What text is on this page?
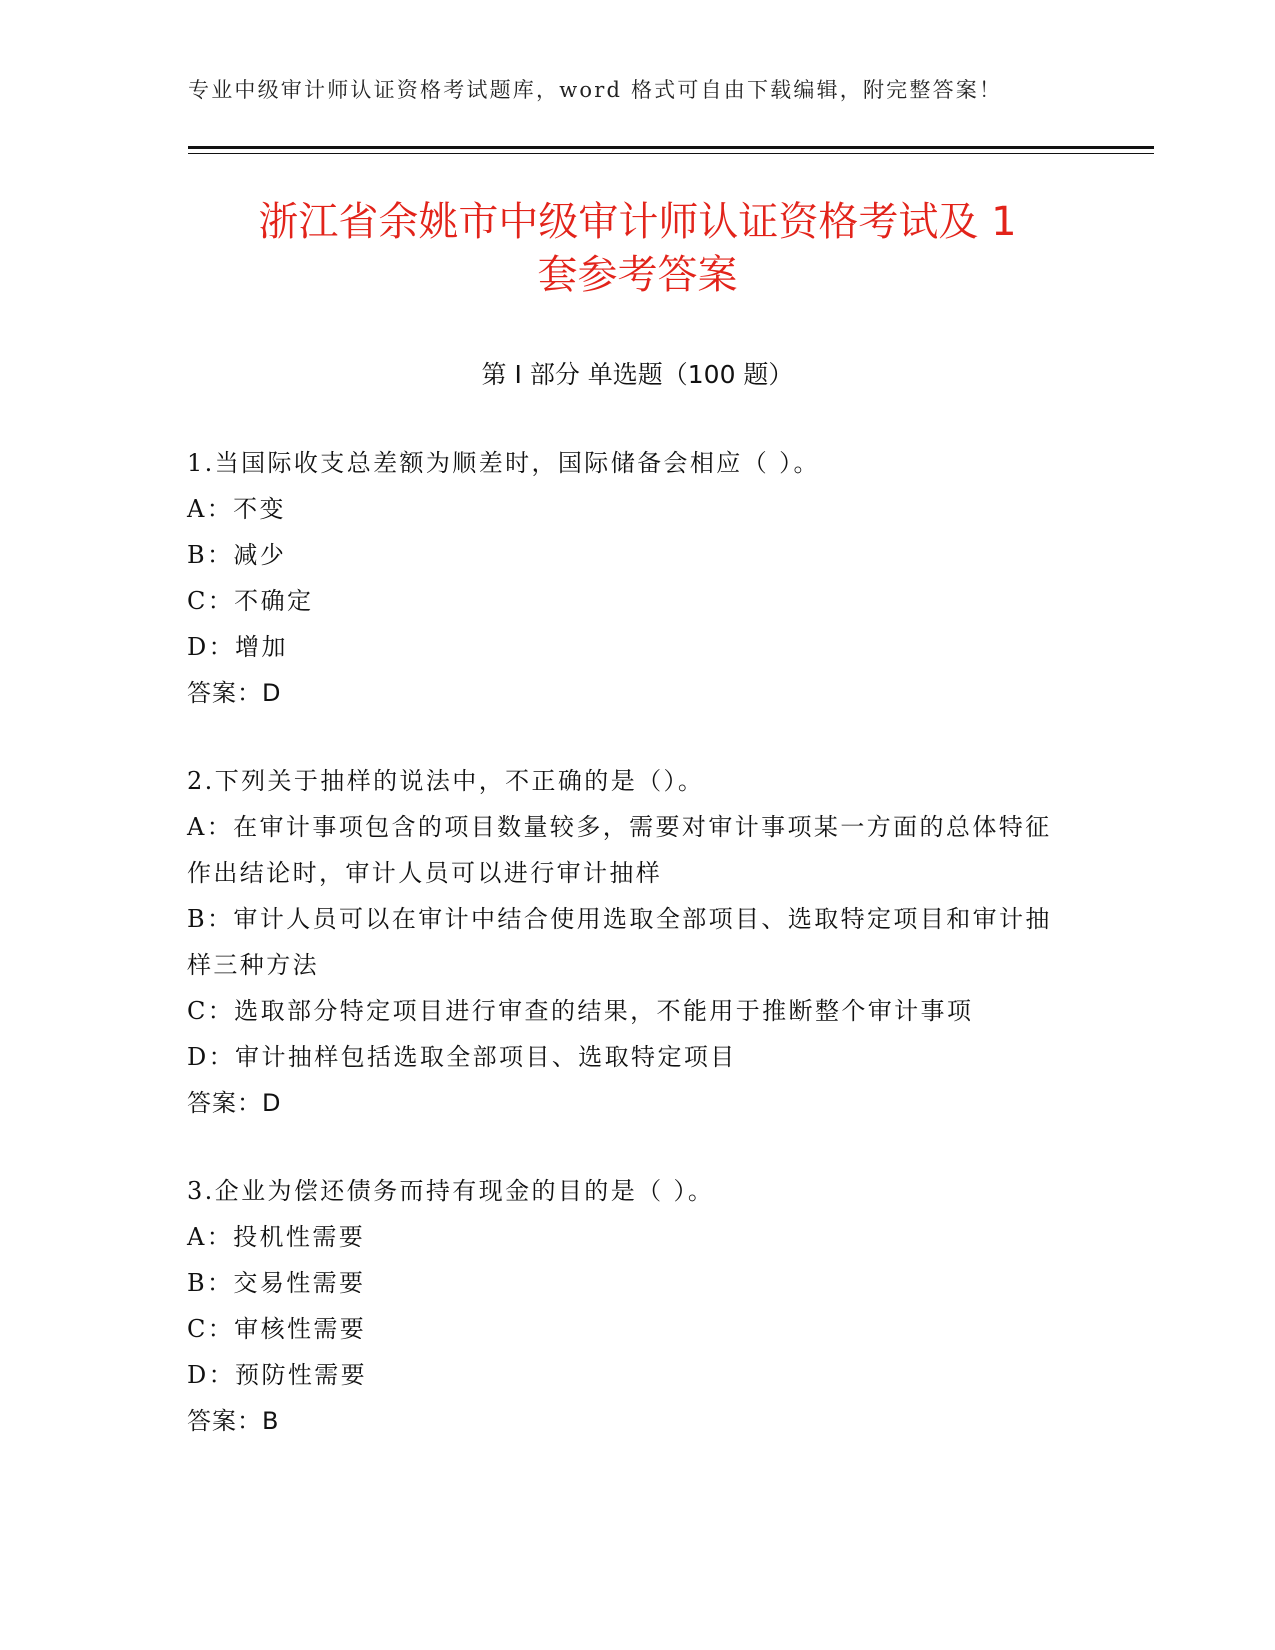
专业中级审计师认证资格考试题库，word 格式可自由下载编辑，附完整答案！
浙江省余姚市中级审计师认证资格考试及 1
套参考答案
第 I 部分 单选题（100 题）
1.当国际收支总差额为顺差时，国际储备会相应（ ）。
A：不变
B：减少
C：不确定
D：增加
答案：D
2.下列关于抽样的说法中，不正确的是（）。
A：在审计事项包含的项目数量较多，需要对审计事项某一方面的总体特征作出结论时，审计人员可以进行审计抽样
B：审计人员可以在审计中结合使用选取全部项目、选取特定项目和审计抽样三种方法
C：选取部分特定项目进行审查的结果，不能用于推断整个审计事项
D：审计抽样包括选取全部项目、选取特定项目
答案：D
3.企业为偿还债务而持有现金的目的是（ ）。
A：投机性需要
B：交易性需要
C：审核性需要
D：预防性需要
答案：B
